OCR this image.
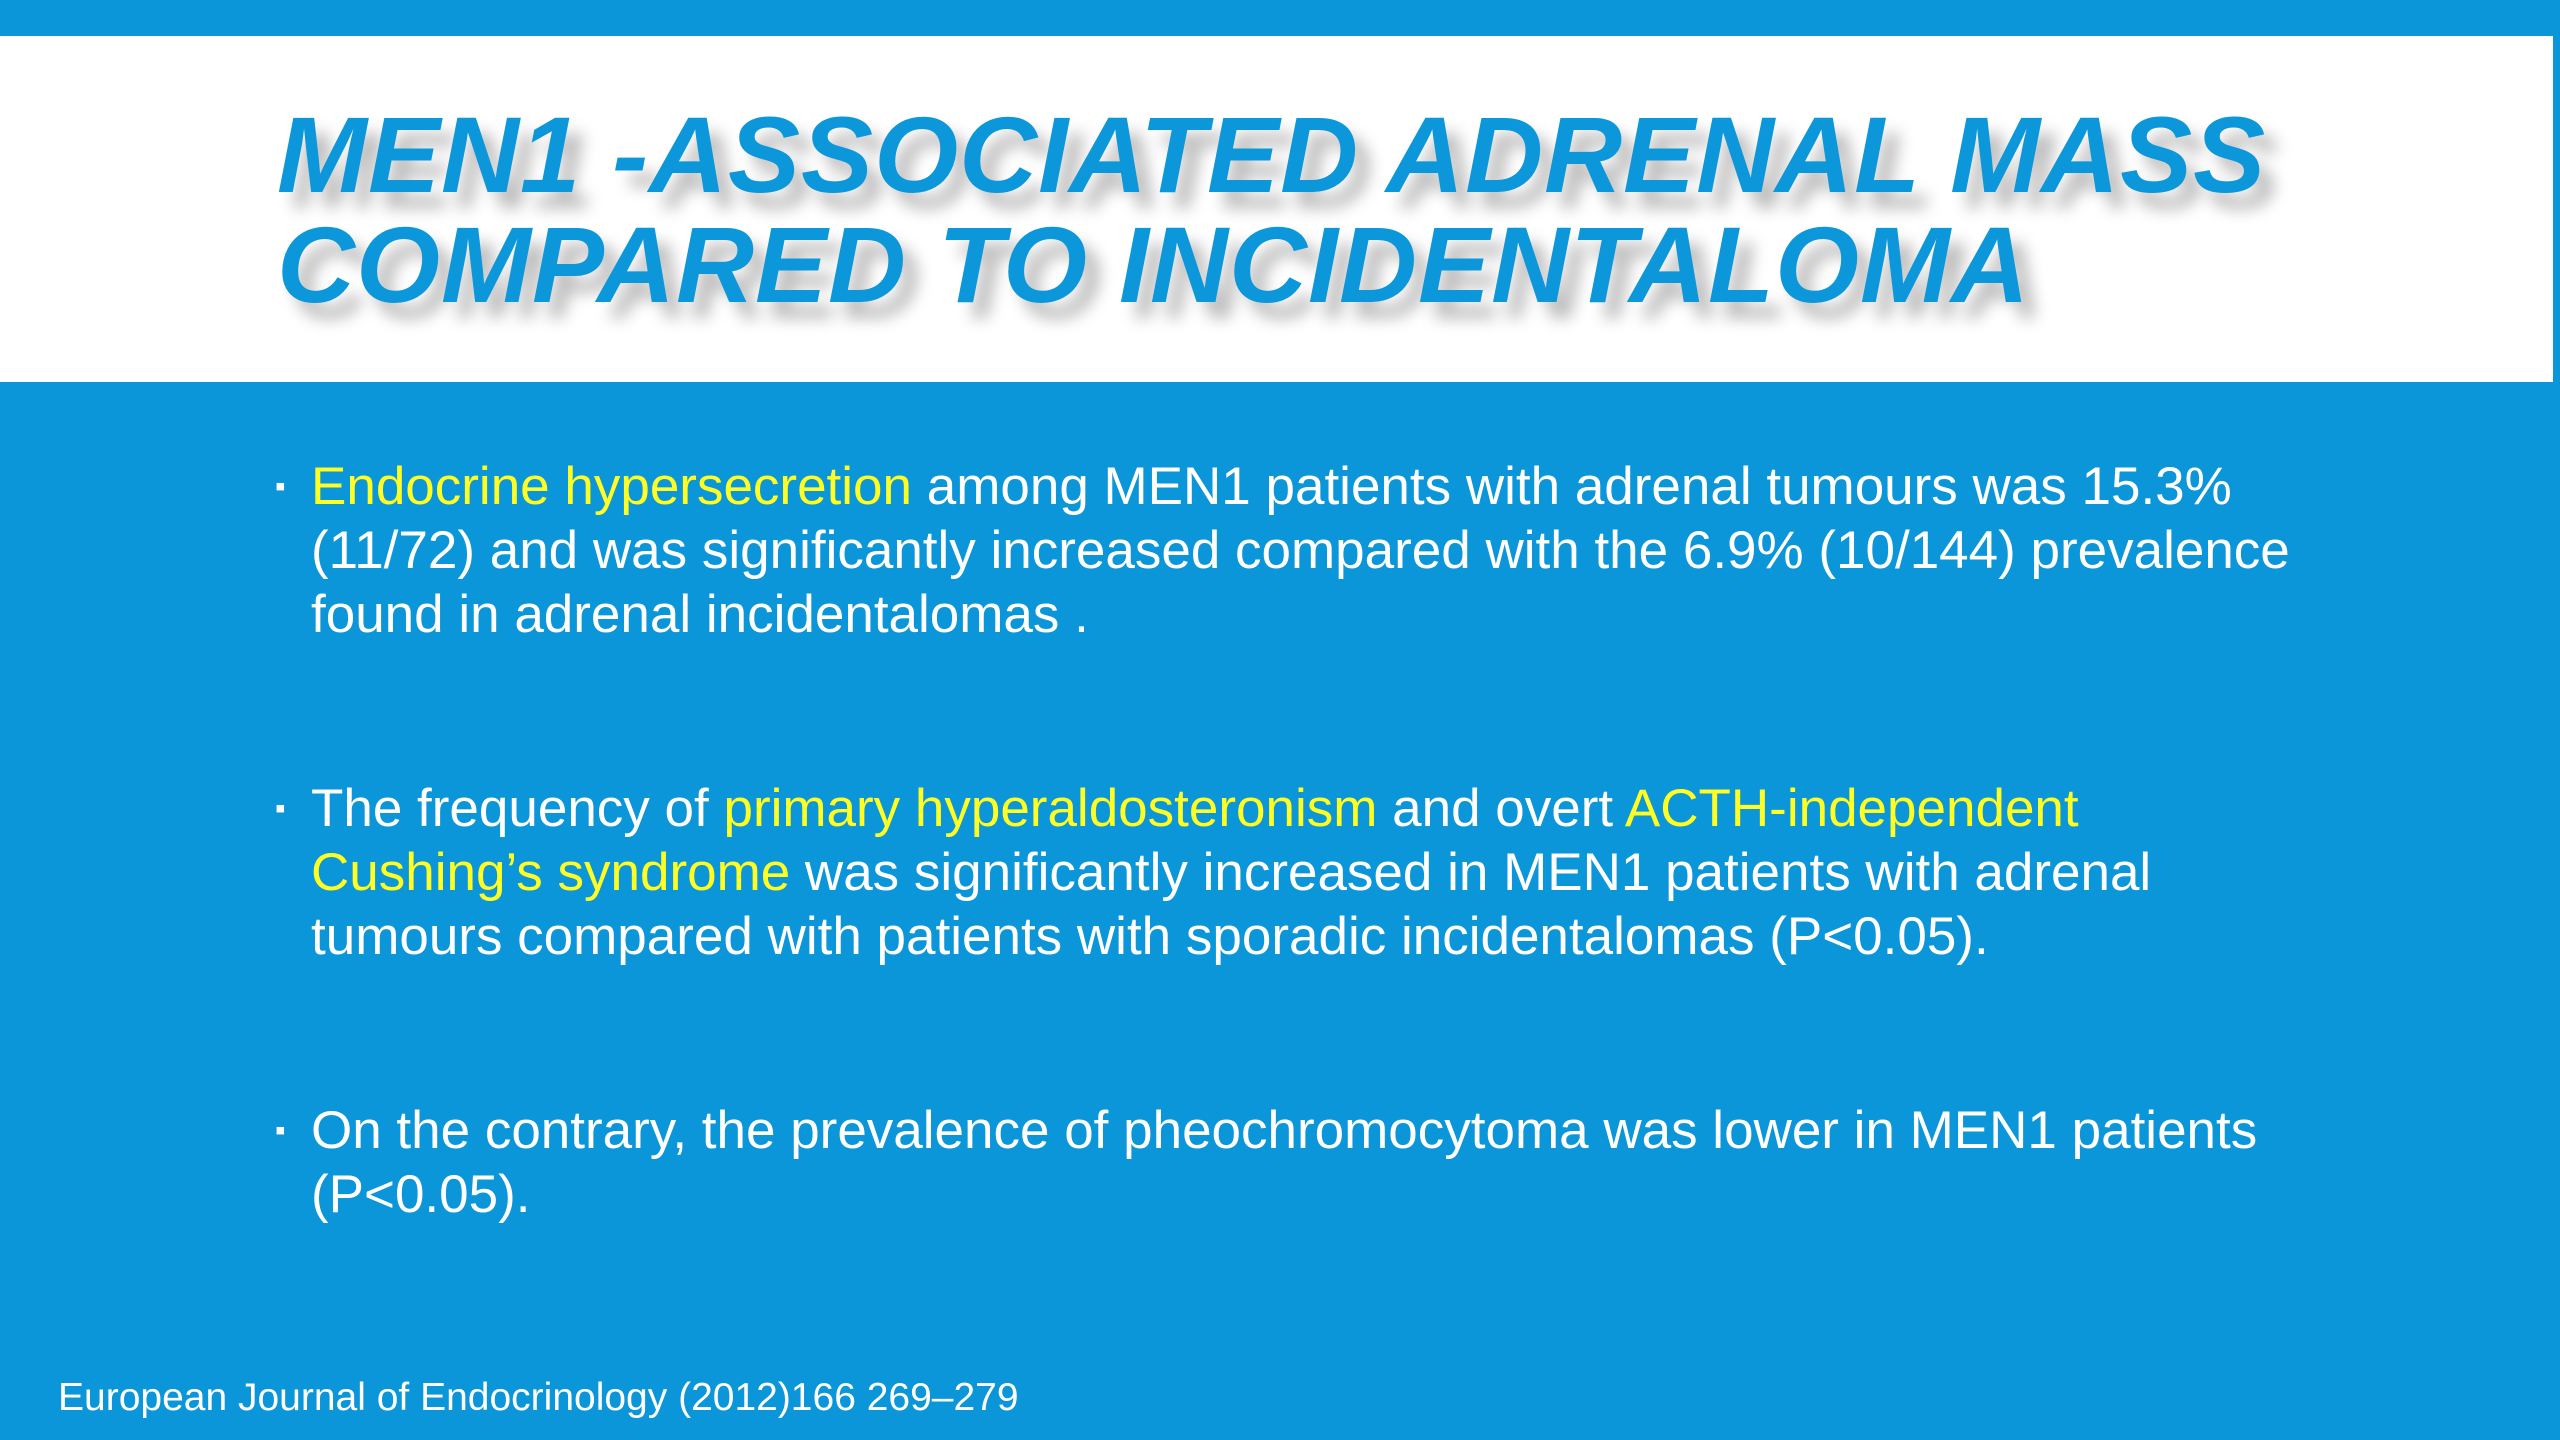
MEN1 -ASSOCIATED ADRENAL MASS
COMPARED TO INCIDENTALOMA
▪ Endocrine hypersecretion among MEN1 patients with adrenal tumours was 15.3% (11/72) and was significantly increased compared with the 6.9% (10/144) prevalence found in adrenal incidentalomas .
▪ The frequency of primary hyperaldosteronism and overt ACTH-independent Cushing’s syndrome was significantly increased in MEN1 patients with adrenal tumours compared with patients with sporadic incidentalomas (P<0.05).
▪ On the contrary, the prevalence of pheochromocytoma was lower in MEN1 patients (P<0.05).
European Journal of Endocrinology (2012)166 269–279
